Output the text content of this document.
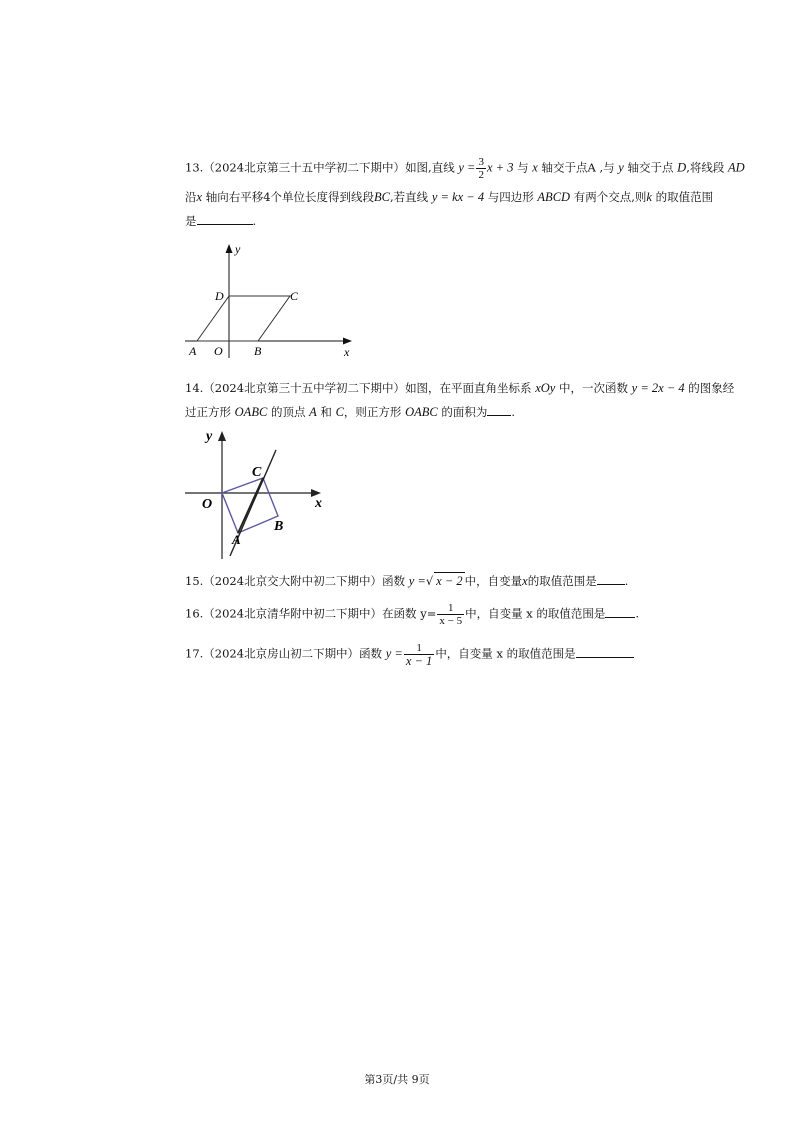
13.（2024北京第三十五中学初二下期中）如图,直线 $y = \frac{3}{2}$ x + 3 与 x 轴交于点A ,与 y 轴交于点 D,将线段 AD
沿x 轴向右平移4个单位长度得到线段BC,若直线 y = kx − 4 与四边形 ABCD 有两个交点,则k 的取值范围
是	.
y
x
D	C
A O	B
14.（2024北京第三十五中学初二下期中）如图，在平面直角坐标系 xOy 中，一次函数 y = 2x − 4 的图象经
过正方形 OABC 的顶点 A 和 C，则正方形 OABC 的面积为 .
y
x
O
C
A
B
15.（2024北京交大附中初二下期中）函数 y =√ x − 2 中，自变量x的取值范围是 .
16.（2024北京清华附中初二下期中）在函数 $y= \frac{1}{x - 5}$ 中，自变量 x 的取值范围是	.
17.（2024北京房山初二下期中）函数 $y = \frac{1}{x - 1}$ 中，自变量 x 的取值范围是
第3页/共 9页
